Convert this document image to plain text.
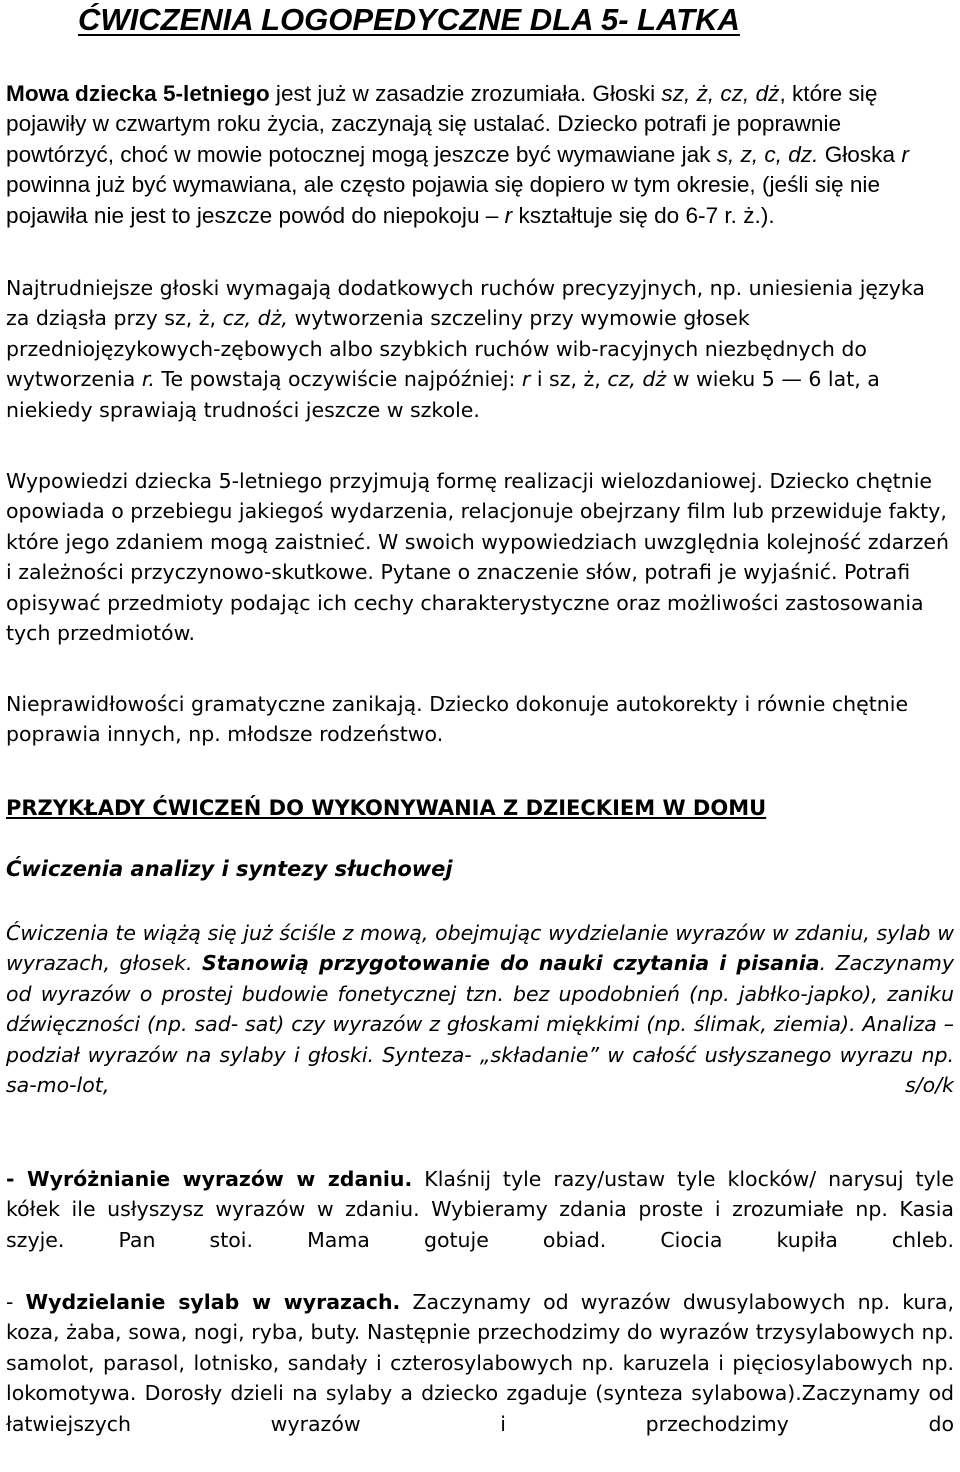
ĆWICZENIA LOGOPEDYCZNE DLA 5- LATKA

Mowa dziecka 5-letniego jest już w zasadzie zrozumiała. Głoski sz, ż, cz, dż, które się pojawiły w czwartym roku życia, zaczynają się ustalać. Dziecko potrafi je poprawnie powtórzyć, choć w mowie potocznej mogą jeszcze być wymawiane jak s, z, c, dz. Głoska r powinna już być wymawiana, ale często pojawia się dopiero w tym okresie, (jeśli się nie pojawiła nie jest to jeszcze powód do niepokoju – r kształtuje się do 6-7 r. ż.).

Najtrudniejsze głoski wymagają dodatkowych ruchów precyzyjnych, np. uniesienia języka za dziąsła przy sz, ż, cz, dż, wytworzenia szczeliny przy wymowie głosek przedniojęzykowych-zębowych albo szybkich ruchów wib-racyjnych niezbędnych do wytworzenia r. Te powstają oczywiście najpóźniej: r i sz, ż, cz, dż w wieku 5 — 6 lat, a niekiedy sprawiają trudności jeszcze w szkole.

Wypowiedzi dziecka 5-letniego przyjmują formę realizacji wielozdaniowej. Dziecko chętnie opowiada o przebiegu jakiegoś wydarzenia, relacjonuje obejrzany film lub przewiduje fakty, które jego zdaniem mogą zaistnieć. W swoich wypowiedziach uwzględnia kolejność zdarzeń i zależności przyczynowo-skutkowe. Pytane o znaczenie słów, potrafi je wyjaśnić. Potrafi opisywać przedmioty podając ich cechy charakterystyczne oraz możliwości zastosowania tych przedmiotów.

Nieprawidłowości gramatyczne zanikają. Dziecko dokonuje autokorekty i równie chętnie poprawia innych, np. młodsze rodzeństwo.

PRZYKŁADY ĆWICZEŃ DO WYKONYWANIA Z DZIECKIEM W DOMU
Ćwiczenia analizy i syntezy słuchowej

Ćwiczenia te wiążą się już ściśle z mową, obejmując wydzielanie wyrazów w zdaniu, sylab w wyrazach, głosek. Stanowią przygotowanie do nauki czytania i pisania. Zaczynamy od wyrazów o prostej budowie fonetycznej tzn. bez upodobnień (np. jabłko-japko), zaniku dźwięczności (np. sad- sat) czy wyrazów z głoskami miękkimi (np. ślimak, ziemia). Analiza – podział wyrazów na sylaby i głoski. Synteza- „składanie” w całość usłyszanego wyrazu np. sa-mo-lot, s/o/k

- Wyróżnianie wyrazów w zdaniu. Klaśnij tyle razy/ustaw tyle klocków/ narysuj tyle kółek ile usłyszysz wyrazów w zdaniu. Wybieramy zdania proste i zrozumiałe np. Kasia szyje. Pan stoi. Mama gotuje obiad. Ciocia kupiła chleb.

- Wydzielanie sylab w wyrazach. Zaczynamy od wyrazów dwusylabowych np. kura, koza, żaba, sowa, nogi, ryba, buty. Następnie przechodzimy do wyrazów trzysylabowych np. samolot, parasol, lotnisko, sandały i czterosylabowych np. karuzela i pięciosylabowych np. lokomotywa. Dorosły dzieli na sylaby a dziecko zgaduje (synteza sylabowa).Zaczynamy od łatwiejszych wyrazów i przechodzimy do
